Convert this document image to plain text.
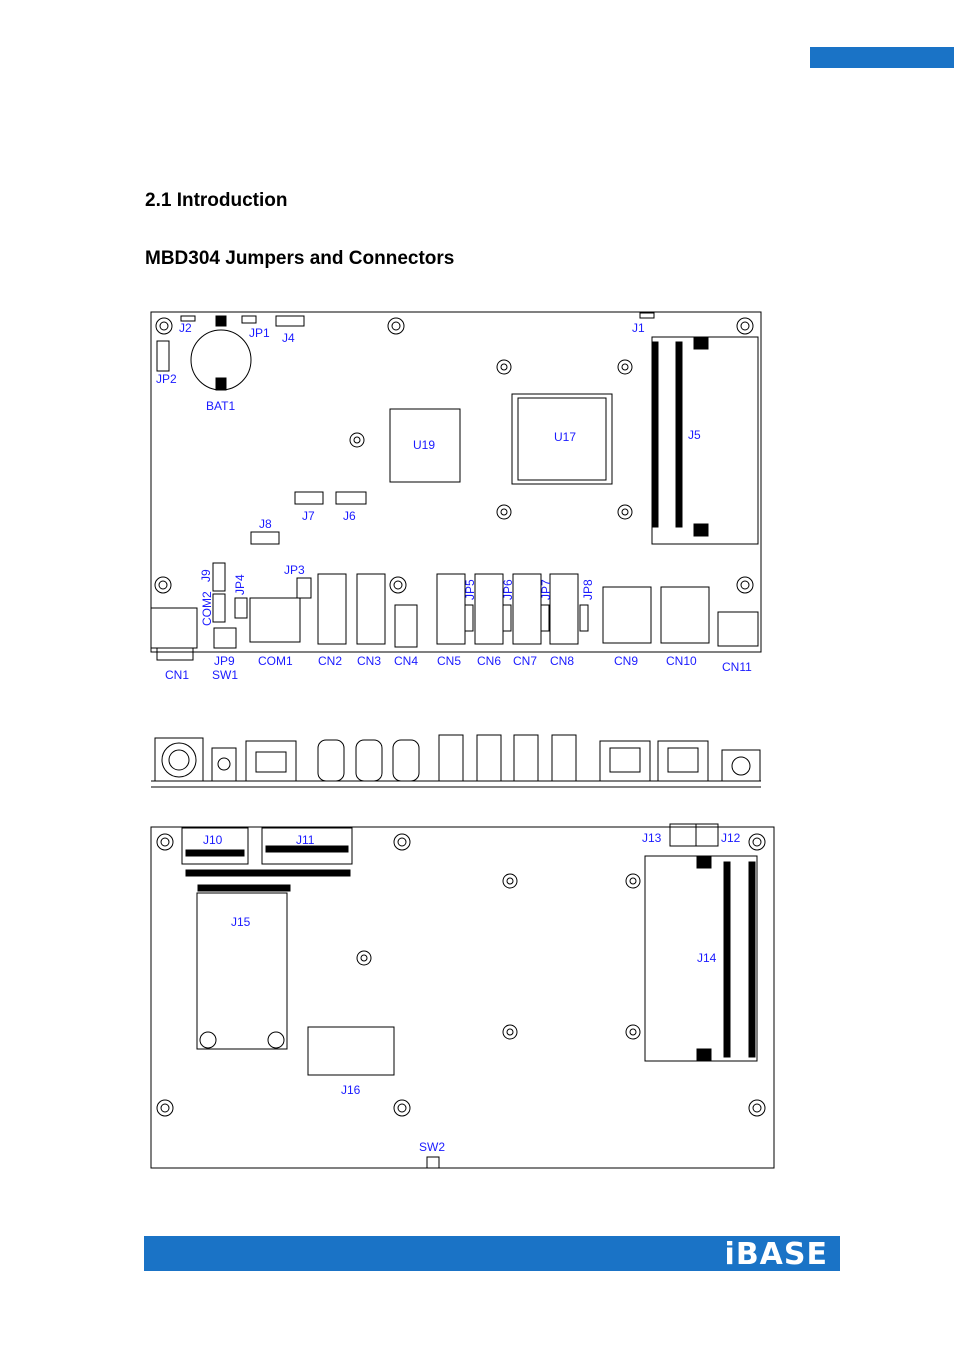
2.1 Introduction
MBD304 Jumpers and Connectors
J2	JP1 J4
J1
JP2
BAT1
U19
U17	J5
J7 J6
J8
JP3
J9 JP4
COM2
JP5 JP6 JP7 JP8
CN1
JP9
SW1
COM1 CN2 CN3 CN4 CN5 CN6 CN7 CN8	CN9 CN10 CN11
J10	J11	J13	J12
J15
J14
J16
SW2
iBASE
